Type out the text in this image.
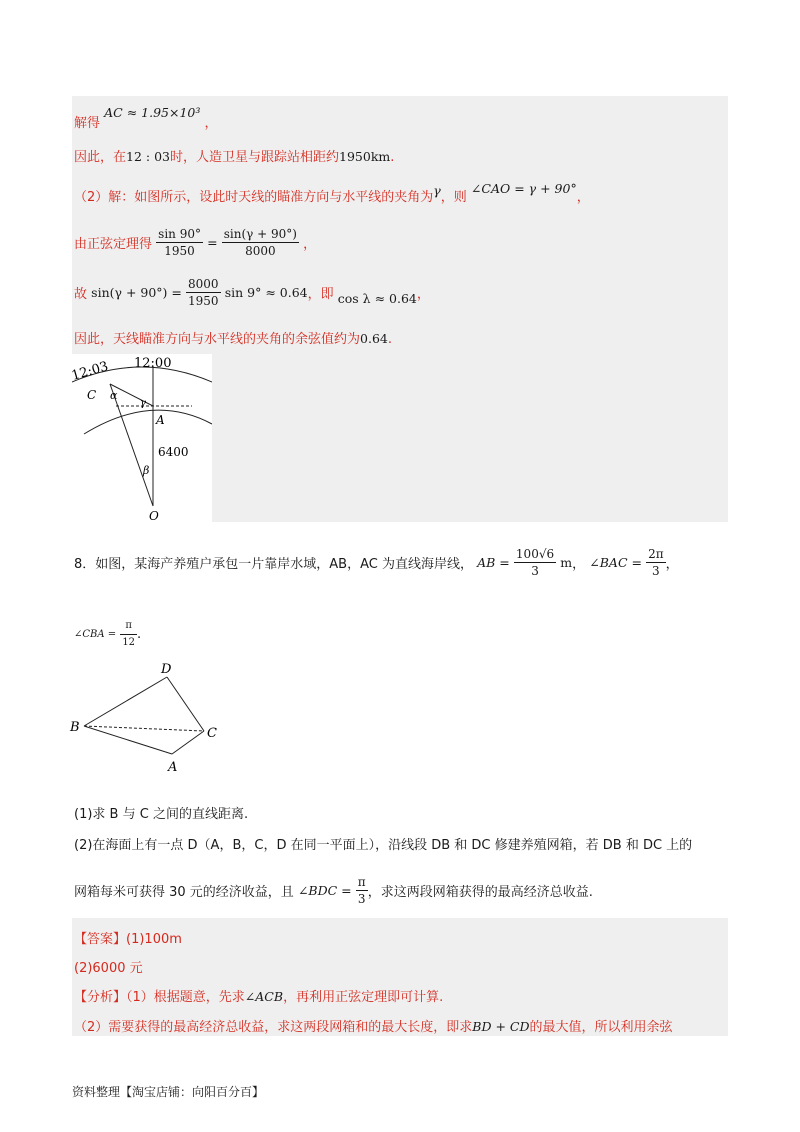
解得 AC ≈ 1.95×10³ ，
因此，在12 : 03时，人造卫星与跟踪站相距约1950km.
（2）解：如图所示，设此时天线的瞄准方向与水平线的夹角为γ，则 ∠CAO = γ + 90°，
由正弦定理得 $\frac{\sin 90^\circ}{1950} = \frac{\sin(\gamma + 90^\circ)}{8000}$ ，
故 $\sin(\gamma + 90^\circ) = \frac{8000}{1950}$ sin 9° ≈ 0.64，即 cos λ ≈ 0.64，
因此，天线瞄准方向与水平线的夹角的余弦值约为0.64.
12:03 12:00
C α
γ
A
6400
β
O
8．如图，某海产养殖户承包一片靠岸水域，AB，AC 为直线海岸线， AB = $\frac{100√6}{3}$ m， ∠BAC = $\frac{2\pi}{3}$ ，
∠CBA = $\frac{\pi}{12}$ .
D
B	C
A
(1)求 B 与 C 之间的直线距离.
(2)在海面上有一点 D（A，B，C，D 在同一平面上），沿线段 DB 和 DC 修建养殖网箱，若 DB 和 DC 上的
网箱每米可获得 30 元的经济收益，且 ∠BDC = $\frac{\pi}{3}$ ，求这两段网箱获得的最高经济总收益.
【答案】(1)100m
(2)6000 元
【分析】（1）根据题意，先求∠ACB，再利用正弦定理即可计算.
（2）需要获得的最高经济总收益，求这两段网箱和的最大长度，即求BD + CD的最大值，所以利用余弦
资料整理【淘宝店铺：向阳百分百】
